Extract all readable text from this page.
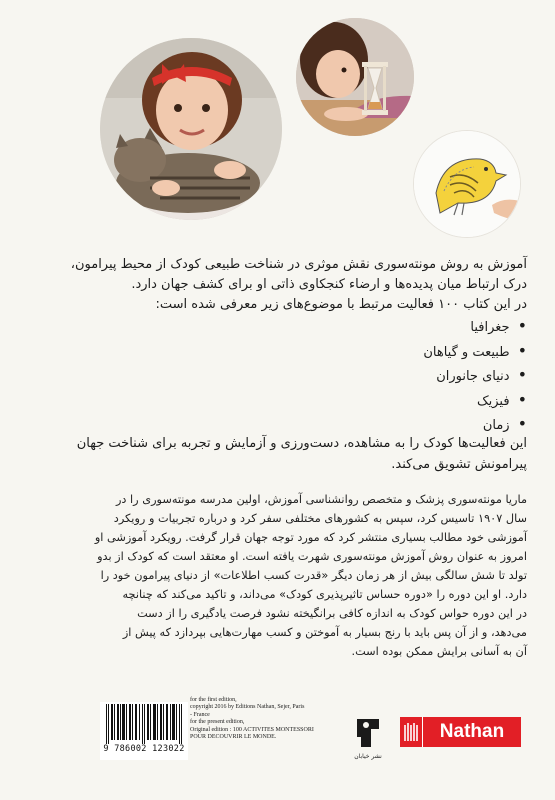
آموزش به روش مونته‌سوری نقش موثری در شناخت طبیعی کودک از محیط پیرامون،

درک ارتباط میان پدیده‌ها و ارضاء کنجکاوی ذاتی او برای کشف جهان دارد.

در این کتاب ۱۰۰ فعالیت مرتبط با موضوع‌های زیر معرفی شده است:

• جغرافیا
• طبیعت و گیاهان
• دنیای جانوران
• فیزیک
• زمان
این فعالیت‌ها کودک را به مشاهده، دست‌ورزی و آزمایش و تجربه برای شناخت جهان
پیرامونش تشویق می‌کند.
ماریا مونته‌سوری پزشک و متخصص روانشناسی آموزش، اولین مدرسه مونته‌سوری را در
سال ۱۹۰۷ تاسیس کرد، سپس به کشورهای مختلفی سفر کرد و درباره تجربیات و رویکرد
آموزشی خود مطالب بسیاری منتشر کرد که مورد توجه جهان قرار گرفت. رویکرد آموزشی او
امروز به عنوان روش آموزش مونته‌سوری شهرت یافته است. او معتقد است که کودک از بدو
تولد تا شش سالگی بیش از هر زمان دیگر «قدرت کسب اطلاعات» از دنیای پیرامون خود را
دارد. او این دوره را «دوره حساس تاثیرپذیری کودک» می‌داند، و تاکید می‌کند که چنانچه
در این دوره حواس کودک به اندازه کافی برانگیخته نشود فرصت یادگیری را از دست
می‌دهد، و از آن پس باید با رنج بسیار به آموختن و کسب مهارت‌هایی بپردازد که پیش از
آن به آسانی برایش ممکن بوده است.
9 786002 123022
for the first edition,
copyright 2016 by Editions Nathan, Sejer, Paris
- France
for the present edition,
Original edition : 100 ACTIVITES MONTESSORI
POUR DECOUVRIR LE MONDE.
نشر خیابان
Nathan
